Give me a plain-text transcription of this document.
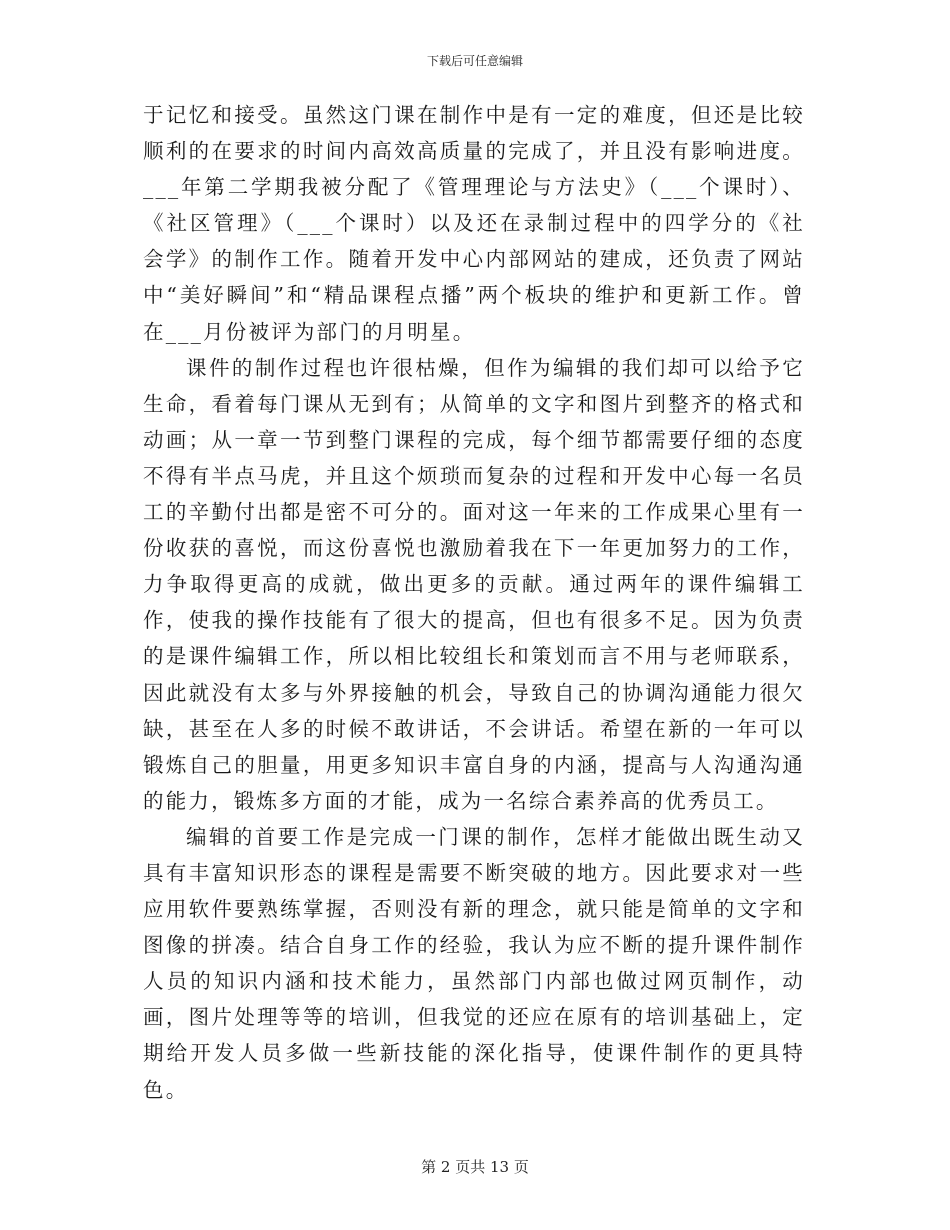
下载后可任意编辑

于记忆和接受。虽然这门课在制作中是有一定的难度，但还是比较顺利的在要求的时间内高效高质量的完成了，并且没有影响进度。___年第二学期我被分配了《管理理论与方法史》（___个课时）、《社区管理》（___个课时）以及还在录制过程中的四学分的《社会学》的制作工作。随着开发中心内部网站的建成，还负责了网站中“美好瞬间”和“精品课程点播”两个板块的维护和更新工作。曾在___月份被评为部门的月明星。

课件的制作过程也许很枯燥，但作为编辑的我们却可以给予它生命，看着每门课从无到有；从简单的文字和图片到整齐的格式和动画；从一章一节到整门课程的完成，每个细节都需要仔细的态度不得有半点马虎，并且这个烦琐而复杂的过程和开发中心每一名员工的辛勤付出都是密不可分的。面对这一年来的工作成果心里有一份收获的喜悦，而这份喜悦也激励着我在下一年更加努力的工作，力争取得更高的成就，做出更多的贡献。通过两年的课件编辑工作，使我的操作技能有了很大的提高，但也有很多不足。因为负责的是课件编辑工作，所以相比较组长和策划而言不用与老师联系，因此就没有太多与外界接触的机会，导致自己的协调沟通能力很欠缺，甚至在人多的时候不敢讲话，不会讲话。希望在新的一年可以锻炼自己的胆量，用更多知识丰富自身的内涵，提高与人沟通沟通的能力，锻炼多方面的才能，成为一名综合素养高的优秀员工。

编辑的首要工作是完成一门课的制作，怎样才能做出既生动又具有丰富知识形态的课程是需要不断突破的地方。因此要求对一些应用软件要熟练掌握，否则没有新的理念，就只能是简单的文字和图像的拼凑。结合自身工作的经验，我认为应不断的提升课件制作人员的知识内涵和技术能力，虽然部门内部也做过网页制作，动画，图片处理等等的培训，但我觉的还应在原有的培训基础上，定期给开发人员多做一些新技能的深化指导，使课件制作的更具特色。

第 2 页共 13 页
